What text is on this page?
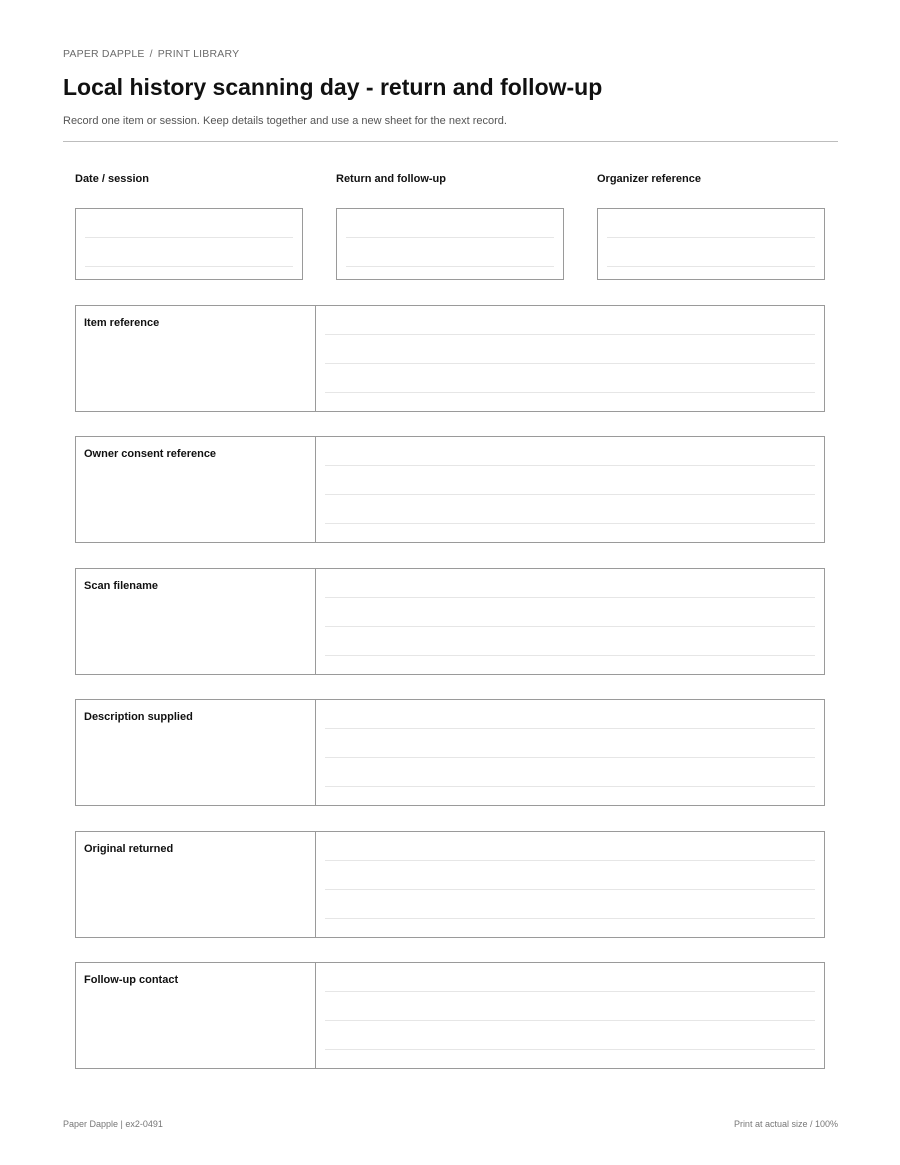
PAPER DAPPLE / PRINT LIBRARY
Local history scanning day - return and follow-up

Record one item or session. Keep details together and use a new sheet for the next record.

Date / session	Return and follow-up	Organizer reference
Item reference
Owner consent reference
Scan filename
Description supplied
Original returned
Follow-up contact
Paper Dapple | ex2-0491	Print at actual size / 100%
